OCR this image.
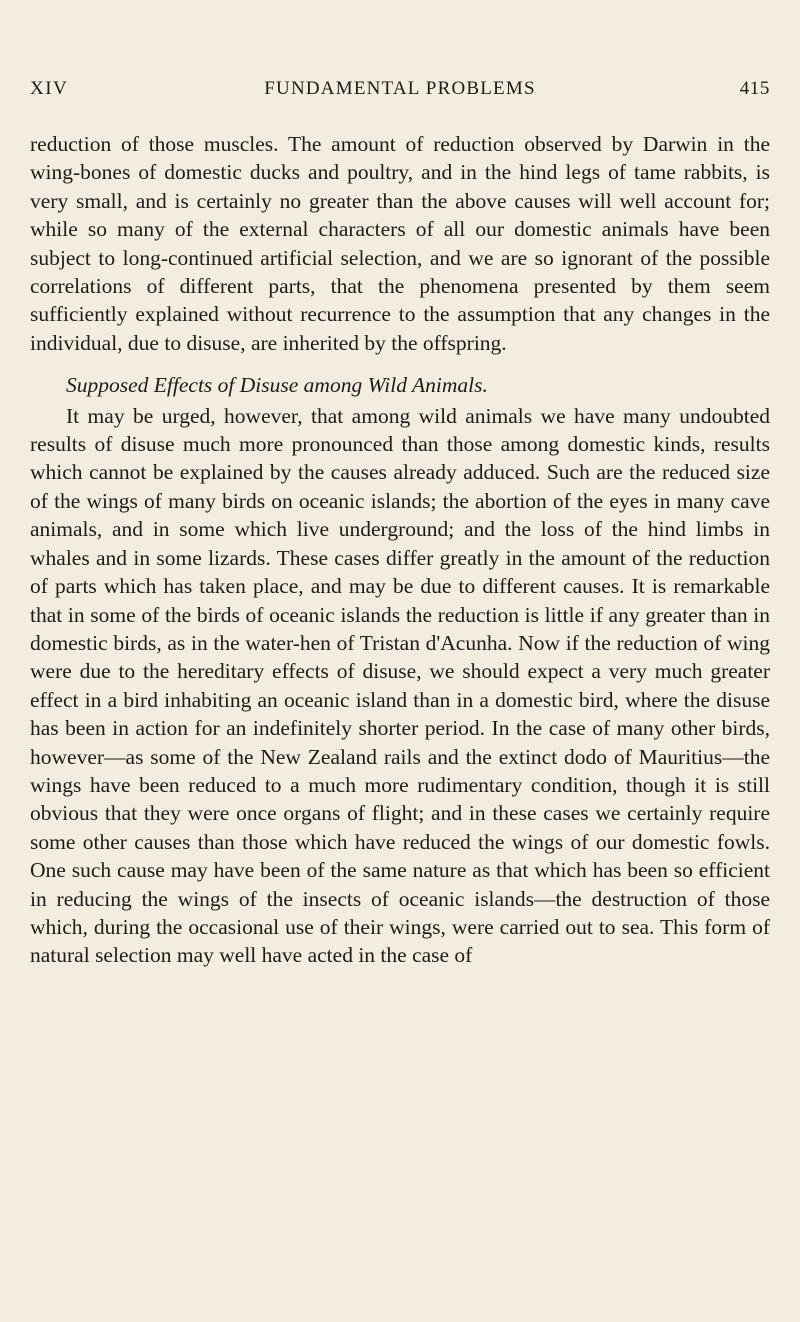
XIV	FUNDAMENTAL PROBLEMS	415

reduction of those muscles. The amount of reduction observed by Darwin in the wing-bones of domestic ducks and poultry, and in the hind legs of tame rabbits, is very small, and is certainly no greater than the above causes will well account for; while so many of the external characters of all our domestic animals have been subject to long-continued artificial selection, and we are so ignorant of the possible correlations of different parts, that the phenomena presented by them seem sufficiently explained without recurrence to the assumption that any changes in the individual, due to disuse, are inherited by the offspring.

Supposed Effects of Disuse among Wild Animals.

It may be urged, however, that among wild animals we have many undoubted results of disuse much more pronounced than those among domestic kinds, results which cannot be explained by the causes already adduced. Such are the reduced size of the wings of many birds on oceanic islands; the abortion of the eyes in many cave animals, and in some which live underground; and the loss of the hind limbs in whales and in some lizards. These cases differ greatly in the amount of the reduction of parts which has taken place, and may be due to different causes. It is remarkable that in some of the birds of oceanic islands the reduction is little if any greater than in domestic birds, as in the water-hen of Tristan d'Acunha. Now if the reduction of wing were due to the hereditary effects of disuse, we should expect a very much greater effect in a bird inhabiting an oceanic island than in a domestic bird, where the disuse has been in action for an indefinitely shorter period. In the case of many other birds, however—as some of the New Zealand rails and the extinct dodo of Mauritius—the wings have been reduced to a much more rudimentary condition, though it is still obvious that they were once organs of flight; and in these cases we certainly require some other causes than those which have reduced the wings of our domestic fowls. One such cause may have been of the same nature as that which has been so efficient in reducing the wings of the insects of oceanic islands—the destruction of those which, during the occasional use of their wings, were carried out to sea. This form of natural selection may well have acted in the case of
